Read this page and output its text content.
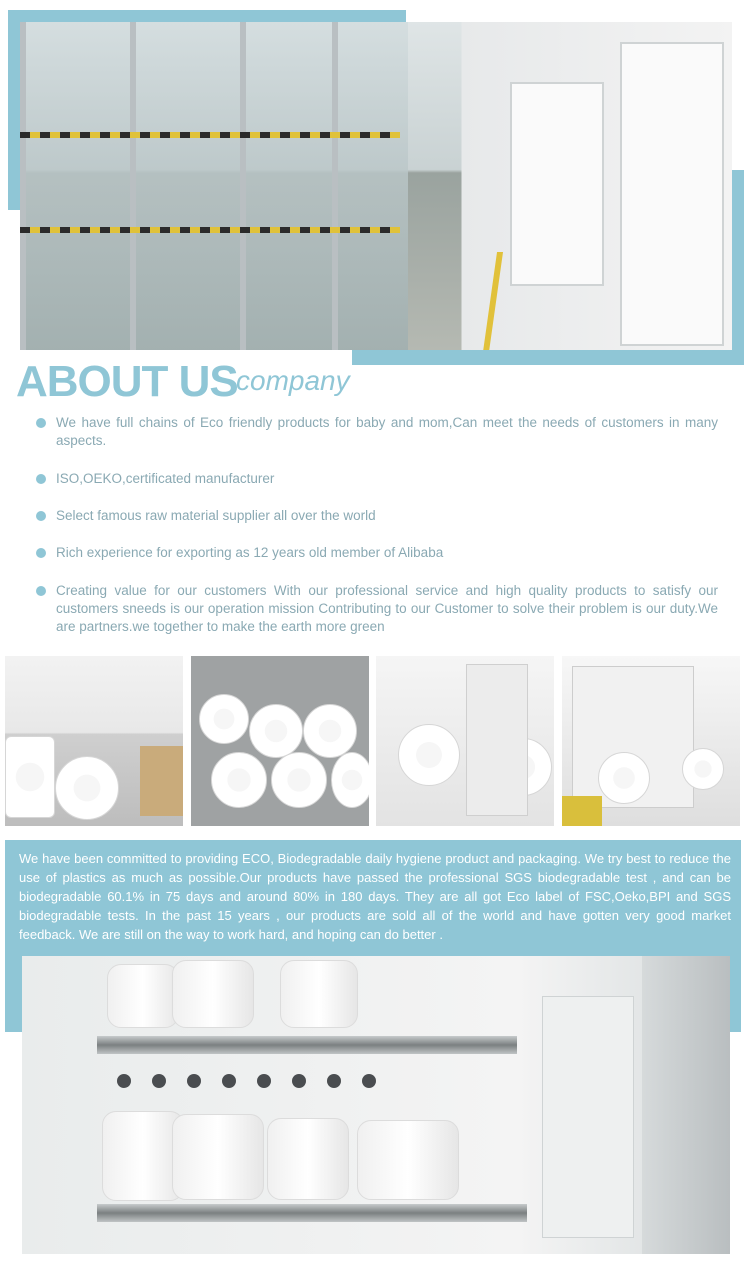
ABOUT US
company
We have full chains of Eco friendly products for baby and mom,Can meet the needs of customers in many aspects.
ISO,OEKO,certificated manufacturer
Select famous raw material supplier all over the world
Rich experience for exporting as 12 years old member of Alibaba
Creating value for our customers With our professional service and high quality products to satisfy our customers sneeds is our operation mission Contributing to our Customer to solve their problem is our duty.We are partners.we together to make the earth more green

We have been committed to providing ECO, Biodegradable daily hygiene product and packaging. We try best to reduce the use of plastics as much as possible.Our products have passed the professional SGS biodegradable test , and can be biodegradable 60.1% in 75 days and around 80% in 180 days. They are all got Eco label of FSC,Oeko,BPI and SGS biodegradable tests. In the past 15 years , our products are sold all of the world and have gotten very good market feedback. We are still on the way to work hard, and hoping can do better .
